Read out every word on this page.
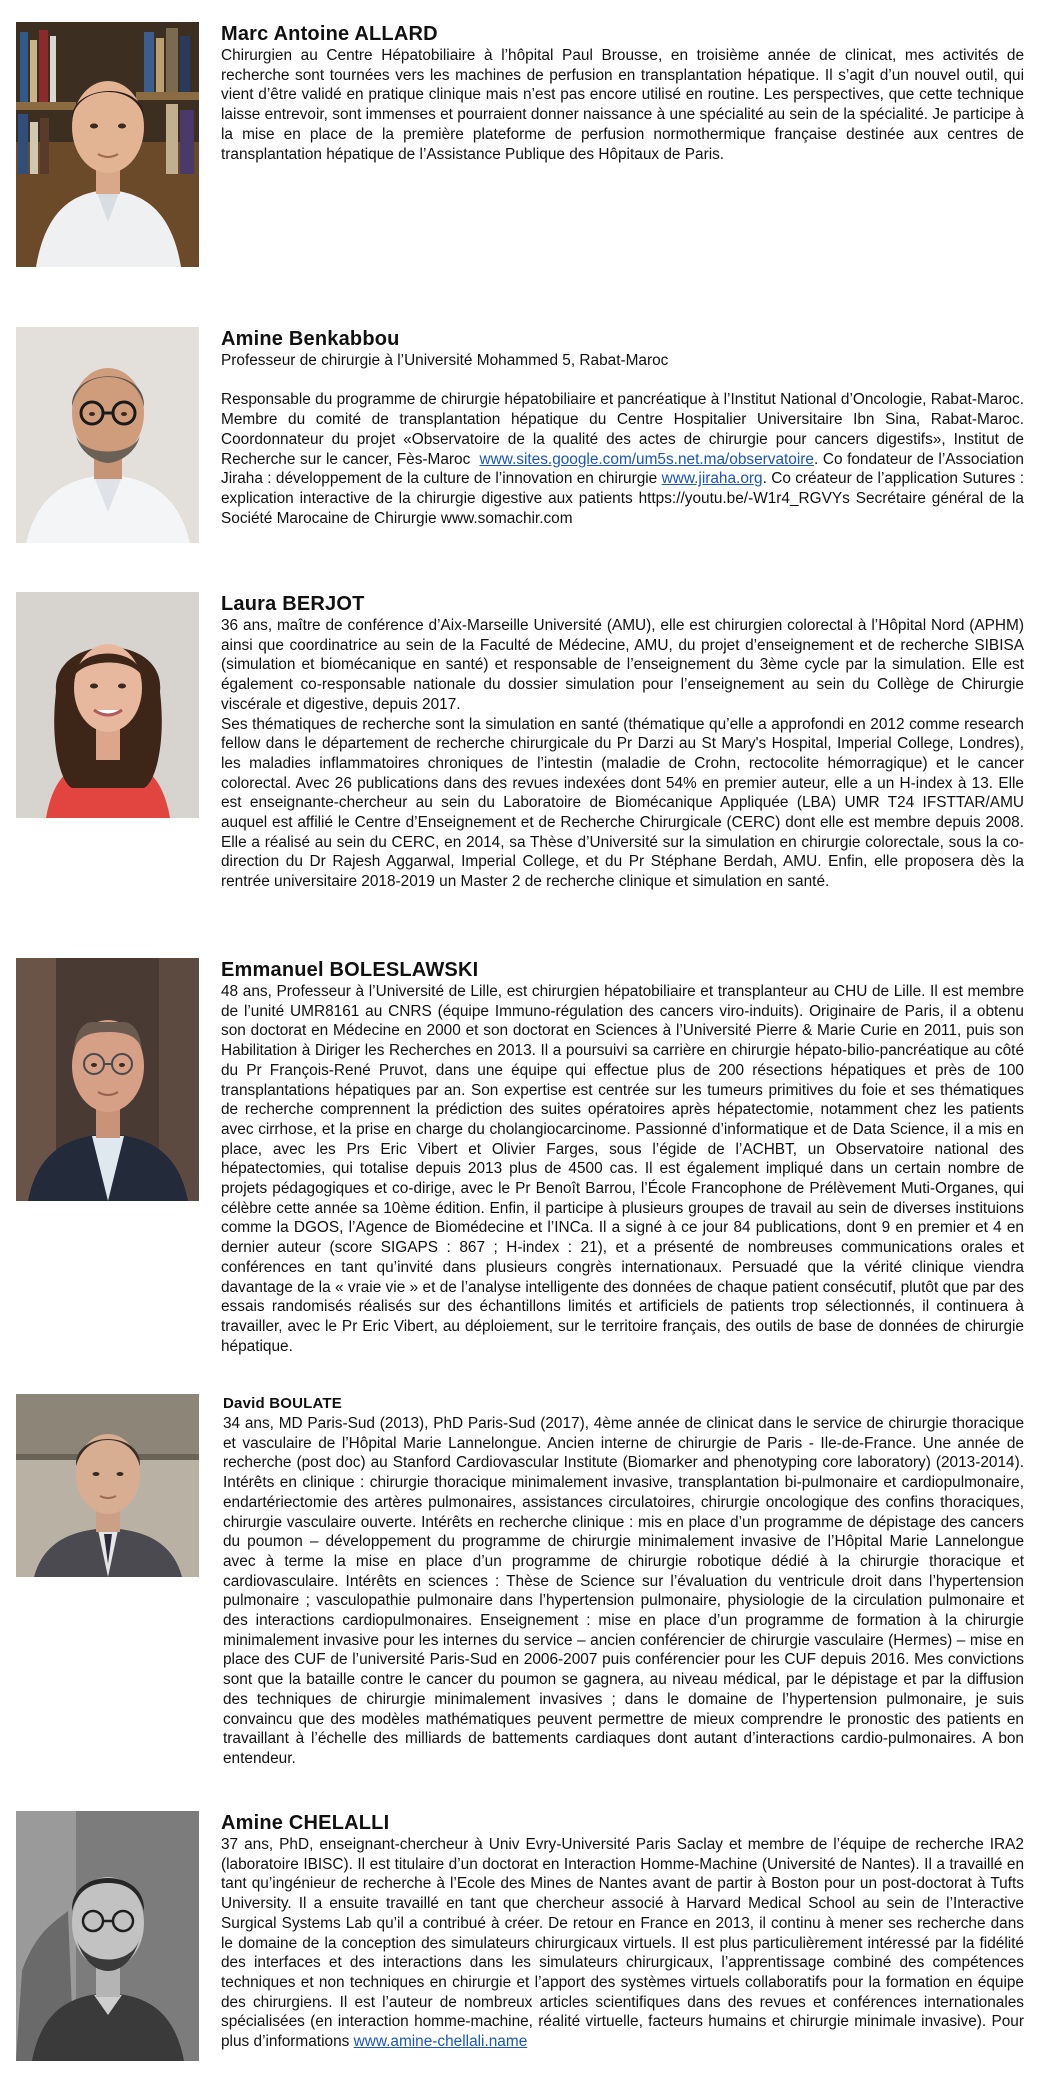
Marc Antoine ALLARD

Chirurgien au Centre Hépatobiliaire à l’hôpital Paul Brousse, en troisième année de clinicat, mes activités de recherche sont tournées vers les machines de perfusion en transplantation hépatique. Il s’agit d’un nouvel outil, qui vient d’être validé en pratique clinique mais n’est pas encore utilisé en routine. Les perspectives, que cette technique laisse entrevoir, sont immenses et pourraient donner naissance à une spécialité au sein de la spécialité. Je participe à la mise en place de la première plateforme de perfusion normothermique française destinée aux centres de transplantation hépatique de l’Assistance Publique des Hôpitaux de Paris.

Amine Benkabbou

Professeur de chirurgie à l’Université Mohammed 5, Rabat-Maroc

Responsable du programme de chirurgie hépatobiliaire et pancréatique à l’Institut National d’Oncologie, Rabat-Maroc. Membre du comité de transplantation hépatique du Centre Hospitalier Universitaire Ibn Sina, Rabat-Maroc. Coordonnateur du projet «Observatoire de la qualité des actes de chirurgie pour cancers digestifs», Institut de Recherche sur le cancer, Fès-Maroc www.sites.google.com/um5s.net.ma/observatoire. Co fondateur de l’Association Jiraha : développement de la culture de l’innovation en chirurgie www.jiraha.org. Co créateur de l’application Sutures : explication interactive de la chirurgie digestive aux patients https://youtu.be/-W1r4_RGVYs Secrétaire général de la Société Marocaine de Chirurgie www.somachir.com

Laura BERJOT

36 ans, maître de conférence d’Aix-Marseille Université (AMU), elle est chirurgien colorectal à l’Hôpital Nord (APHM) ainsi que coordinatrice au sein de la Faculté de Médecine, AMU, du projet d’enseignement et de recherche SIBISA (simulation et biomécanique en santé) et responsable de l’enseignement du 3ème cycle par la simulation. Elle est également co-responsable nationale du dossier simulation pour l’enseignement au sein du Collège de Chirurgie viscérale et digestive, depuis 2017.

Ses thématiques de recherche sont la simulation en santé (thématique qu’elle a approfondi en 2012 comme research fellow dans le département de recherche chirurgicale du Pr Darzi au St Mary's Hospital, Imperial College, Londres), les maladies inflammatoires chroniques de l’intestin (maladie de Crohn, rectocolite hémorragique) et le cancer colorectal. Avec 26 publications dans des revues indexées dont 54% en premier auteur, elle a un H-index à 13. Elle est enseignante-chercheur au sein du Laboratoire de Biomécanique Appliquée (LBA) UMR T24 IFSTTAR/AMU auquel est affilié le Centre d’Enseignement et de Recherche Chirurgicale (CERC) dont elle est membre depuis 2008. Elle a réalisé au sein du CERC, en 2014, sa Thèse d’Université sur la simulation en chirurgie colorectale, sous la co-direction du Dr Rajesh Aggarwal, Imperial College, et du Pr Stéphane Berdah, AMU. Enfin, elle proposera dès la rentrée universitaire 2018-2019 un Master 2 de recherche clinique et simulation en santé.

Emmanuel BOLESLAWSKI

48 ans, Professeur à l’Université de Lille, est chirurgien hépatobiliaire et transplanteur au CHU de Lille. Il est membre de l’unité UMR8161 au CNRS (équipe Immuno-régulation des cancers viro-induits). Originaire de Paris, il a obtenu son doctorat en Médecine en 2000 et son doctorat en Sciences à l’Université Pierre & Marie Curie en 2011, puis son Habilitation à Diriger les Recherches en 2013. Il a poursuivi sa carrière en chirurgie hépato-bilio-pancréatique au côté du Pr François-René Pruvot, dans une équipe qui effectue plus de 200 résections hépatiques et près de 100 transplantations hépatiques par an. Son expertise est centrée sur les tumeurs primitives du foie et ses thématiques de recherche comprennent la prédiction des suites opératoires après hépatectomie, notamment chez les patients avec cirrhose, et la prise en charge du cholangiocarcinome. Passionné d’informatique et de Data Science, il a mis en place, avec les Prs Eric Vibert et Olivier Farges, sous l’égide de l’ACHBT, un Observatoire national des hépatectomies, qui totalise depuis 2013 plus de 4500 cas. Il est également impliqué dans un certain nombre de projets pédagogiques et co-dirige, avec le Pr Benoît Barrou, l’École Francophone de Prélèvement Muti-Organes, qui célèbre cette année sa 10ème édition. Enfin, il participe à plusieurs groupes de travail au sein de diverses instituions comme la DGOS, l’Agence de Biomédecine et l’INCa. Il a signé à ce jour 84 publications, dont 9 en premier et 4 en dernier auteur (score SIGAPS : 867 ; H-index : 21), et a présenté de nombreuses communications orales et conférences en tant qu’invité dans plusieurs congrès internationaux. Persuadé que la vérité clinique viendra davantage de la « vraie vie » et de l’analyse intelligente des données de chaque patient consécutif, plutôt que par des essais randomisés réalisés sur des échantillons limités et artificiels de patients trop sélectionnés, il continuera à travailler, avec le Pr Eric Vibert, au déploiement, sur le territoire français, des outils de base de données de chirurgie hépatique.

David BOULATE

34 ans, MD Paris-Sud (2013), PhD Paris-Sud (2017), 4ème année de clinicat dans le service de chirurgie thoracique et vasculaire de l’Hôpital Marie Lannelongue. Ancien interne de chirurgie de Paris - Ile-de-France. Une année de recherche (post doc) au Stanford Cardiovascular Institute (Biomarker and phenotyping core laboratory) (2013-2014). Intérêts en clinique : chirurgie thoracique minimalement invasive, transplantation bi-pulmonaire et cardiopulmonaire, endartériectomie des artères pulmonaires, assistances circulatoires, chirurgie oncologique des confins thoraciques, chirurgie vasculaire ouverte. Intérêts en recherche clinique : mis en place d’un programme de dépistage des cancers du poumon – développement du programme de chirurgie minimalement invasive de l’Hôpital Marie Lannelongue avec à terme la mise en place d’un programme de chirurgie robotique dédié à la chirurgie thoracique et cardiovasculaire. Intérêts en sciences : Thèse de Science sur l’évaluation du ventricule droit dans l’hypertension pulmonaire ; vasculopathie pulmonaire dans l’hypertension pulmonaire, physiologie de la circulation pulmonaire et des interactions cardiopulmonaires. Enseignement : mise en place d’un programme de formation à la chirurgie minimalement invasive pour les internes du service – ancien conférencier de chirurgie vasculaire (Hermes) – mise en place des CUF de l’université Paris-Sud en 2006-2007 puis conférencier pour les CUF depuis 2016. Mes convictions sont que la bataille contre le cancer du poumon se gagnera, au niveau médical, par le dépistage et par la diffusion des techniques de chirurgie minimalement invasives ; dans le domaine de l’hypertension pulmonaire, je suis convaincu que des modèles mathématiques peuvent permettre de mieux comprendre le pronostic des patients en travaillant à l’échelle des milliards de battements cardiaques dont autant d’interactions cardio-pulmonaires. A bon entendeur.

Amine CHELALLI

37 ans, PhD, enseignant-chercheur à Univ Evry-Université Paris Saclay et membre de l’équipe de recherche IRA2 (laboratoire IBISC). Il est titulaire d’un doctorat en Interaction Homme-Machine (Université de Nantes). Il a travaillé en tant qu’ingénieur de recherche à l’Ecole des Mines de Nantes avant de partir à Boston pour un post-doctorat à Tufts University. Il a ensuite travaillé en tant que chercheur associé à Harvard Medical School au sein de l’Interactive Surgical Systems Lab qu’il a contribué à créer. De retour en France en 2013, il continu à mener ses recherche dans le domaine de la conception des simulateurs chirurgicaux virtuels. Il est plus particulièrement intéressé par la fidélité des interfaces et des interactions dans les simulateurs chirurgicaux, l’apprentissage combiné des compétences techniques et non techniques en chirurgie et l’apport des systèmes virtuels collaboratifs pour la formation en équipe des chirurgiens. Il est l’auteur de nombreux articles scientifiques dans des revues et conférences internationales spécialisées (en interaction homme-machine, réalité virtuelle, facteurs humains et chirurgie minimale invasive). Pour plus d’informations www.amine-chellali.name
